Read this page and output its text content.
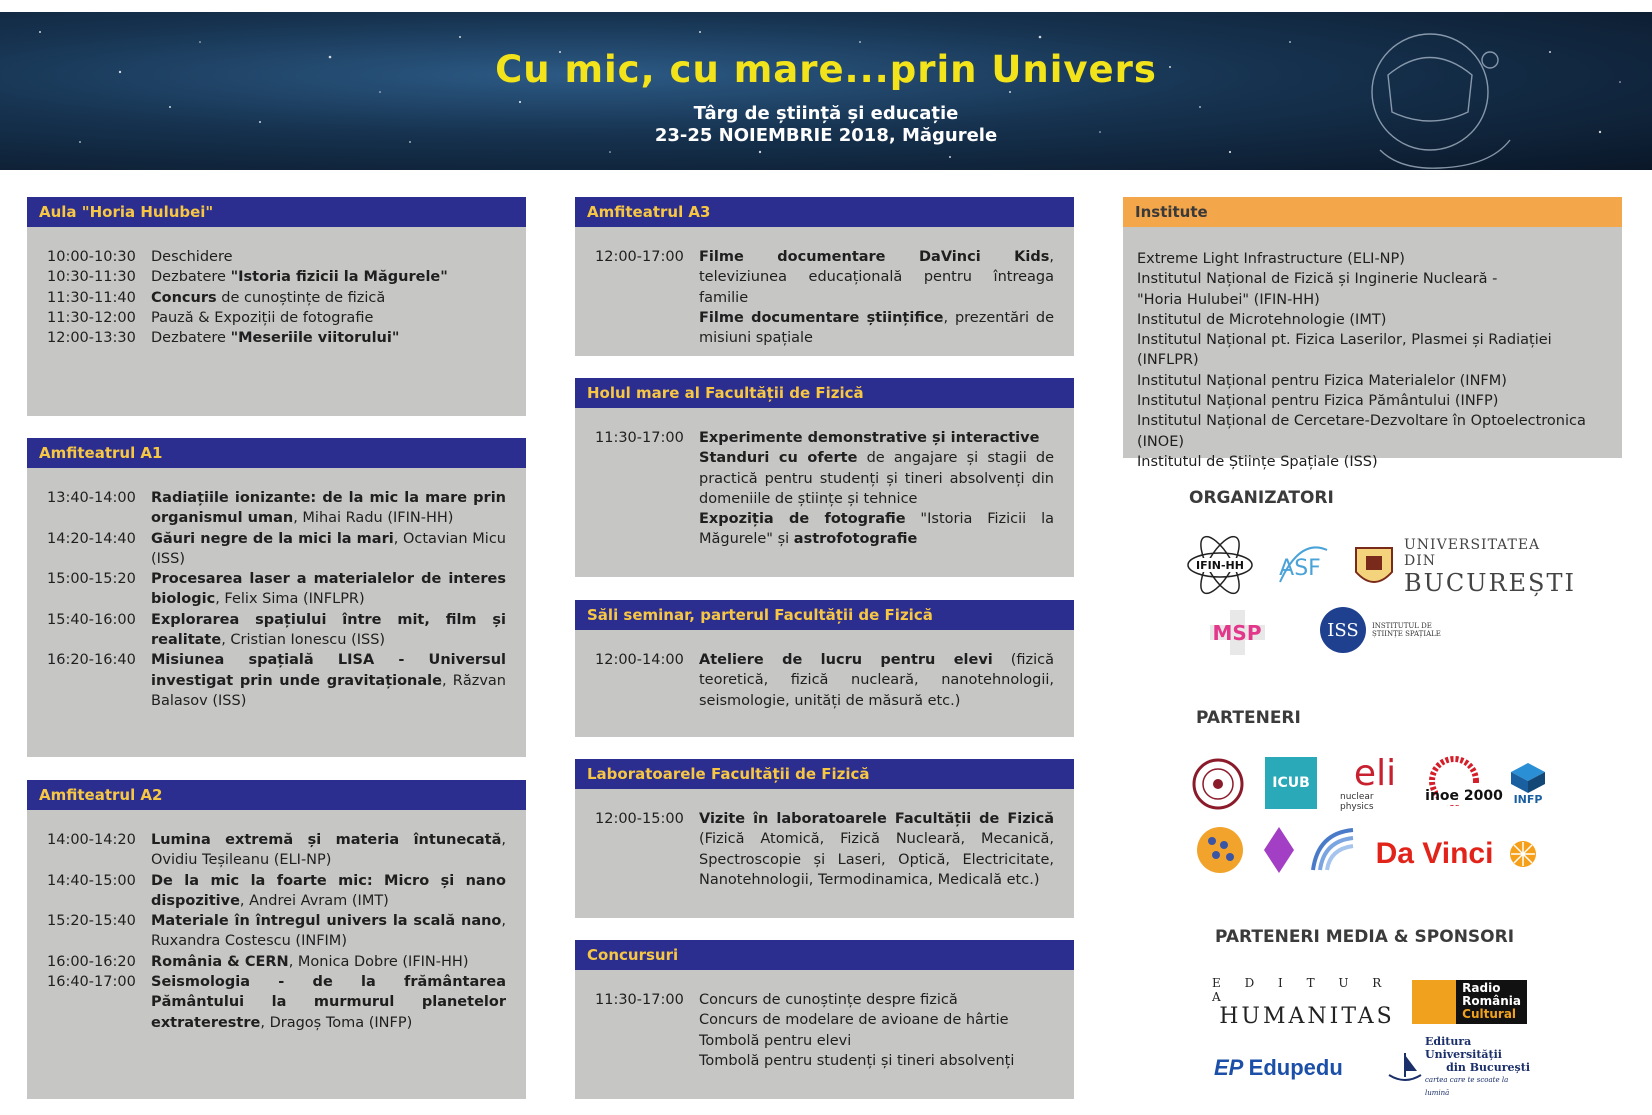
Cu mic, cu mare...prin Univers
Târg de știință și educație
23-25 NOIEMBRIE 2018, Măgurele
Aula "Horia Hulubei"
10:00-10:30	Deschidere
10:30-11:30	Dezbatere "Istoria fizicii la Măgurele"
11:30-11:40	Concurs de cunoștințe de fizică
11:30-12:00	Pauză & Expoziții de fotografie
12:00-13:30	Dezbatere "Meseriile viitorului"
Amfiteatrul A1
13:40-14:00	Radiațiile ionizante: de la mic la mare prin organismul uman, Mihai Radu (IFIN-HH)
14:20-14:40	Găuri negre de la mici la mari, Octavian Micu (ISS)
15:00-15:20	Procesarea laser a materialelor de interes biologic, Felix Sima (INFLPR)
15:40-16:00	Explorarea spațiului între mit, film și realitate, Cristian Ionescu (ISS)
16:20-16:40	Misiunea spațială LISA - Universul investigat prin unde gravitaționale, Răzvan Balasov (ISS)
Amfiteatrul A2
14:00-14:20	Lumina extremă și materia întunecată, Ovidiu Teșileanu (ELI-NP)
14:40-15:00	De la mic la foarte mic: Micro și nano dispozitive, Andrei Avram (IMT)
15:20-15:40	Materiale în întregul univers la scală nano, Ruxandra Costescu (INFIM)
16:00-16:20	România & CERN, Monica Dobre (IFIN-HH)
16:40-17:00	Seismologia - de la frământarea Pământului la murmurul planetelor extraterestre, Dragoș Toma (INFP)
Amfiteatrul A3
12:00-17:00	Filme documentare DaVinci Kids, televiziunea educațională pentru întreaga familie
Filme documentare științifice, prezentări de misiuni spațiale
Holul mare al Facultății de Fizică
11:30-17:00	Experimente demonstrative și interactive
Standuri cu oferte de angajare și stagii de practică pentru studenți și tineri absolvenți din domeniile de științe și tehnice
Expoziția de fotografie "Istoria Fizicii la Măgurele" și astrofotografie
Săli seminar, parterul Facultății de Fizică
12:00-14:00	Ateliere de lucru pentru elevi (fizică teoretică, fizică nucleară, nanotehnologii, seismologie, unități de măsură etc.)
Laboratoarele Facultății de Fizică
12:00-15:00	Vizite în laboratoarele Facultății de Fizică (Fizică Atomică, Fizică Nucleară, Mecanică, Spectroscopie și Laseri, Optică, Electricitate, Nanotehnologii, Termodinamica, Medicală etc.)
Concursuri
11:30-17:00	Concurs de cunoștințe despre fizică
Concurs de modelare de avioane de hârtie
Tombolă pentru elevi
Tombolă pentru studenți și tineri absolvenți
Institute
Extreme Light Infrastructure (ELI-NP)
Institutul Național de Fizică și Inginerie Nucleară -
"Horia Hulubei" (IFIN-HH)
Institutul de Microtehnologie (IMT)
Institutul Național pt. Fizica Laserilor, Plasmei și Radiației (INFLPR)
Institutul Național pentru Fizica Materialelor (INFM)
Institutul Național pentru Fizica Pământului (INFP)
Institutul Național de Cercetare-Dezvoltare în Optoelectronica (INOE)
Institutul de Științe Spațiale (ISS)
ORGANIZATORI
IFIN-HH ASF
UNIVERSITATEA DIN
BUCUREȘTI
MSP	ISS	INSTITUTUL DE ȘTIINȚE SPAȚIALE
PARTENERI
ICUB eli
nuclear physics
inoe 2000 INFP
Da Vinci
PARTENERI MEDIA & SPONSORI
E D I T U R A
HUMANITAS
Radio
România
Cultural
EP Edupedu
Editura Universității
din București
cartea care te scoate la lumină
